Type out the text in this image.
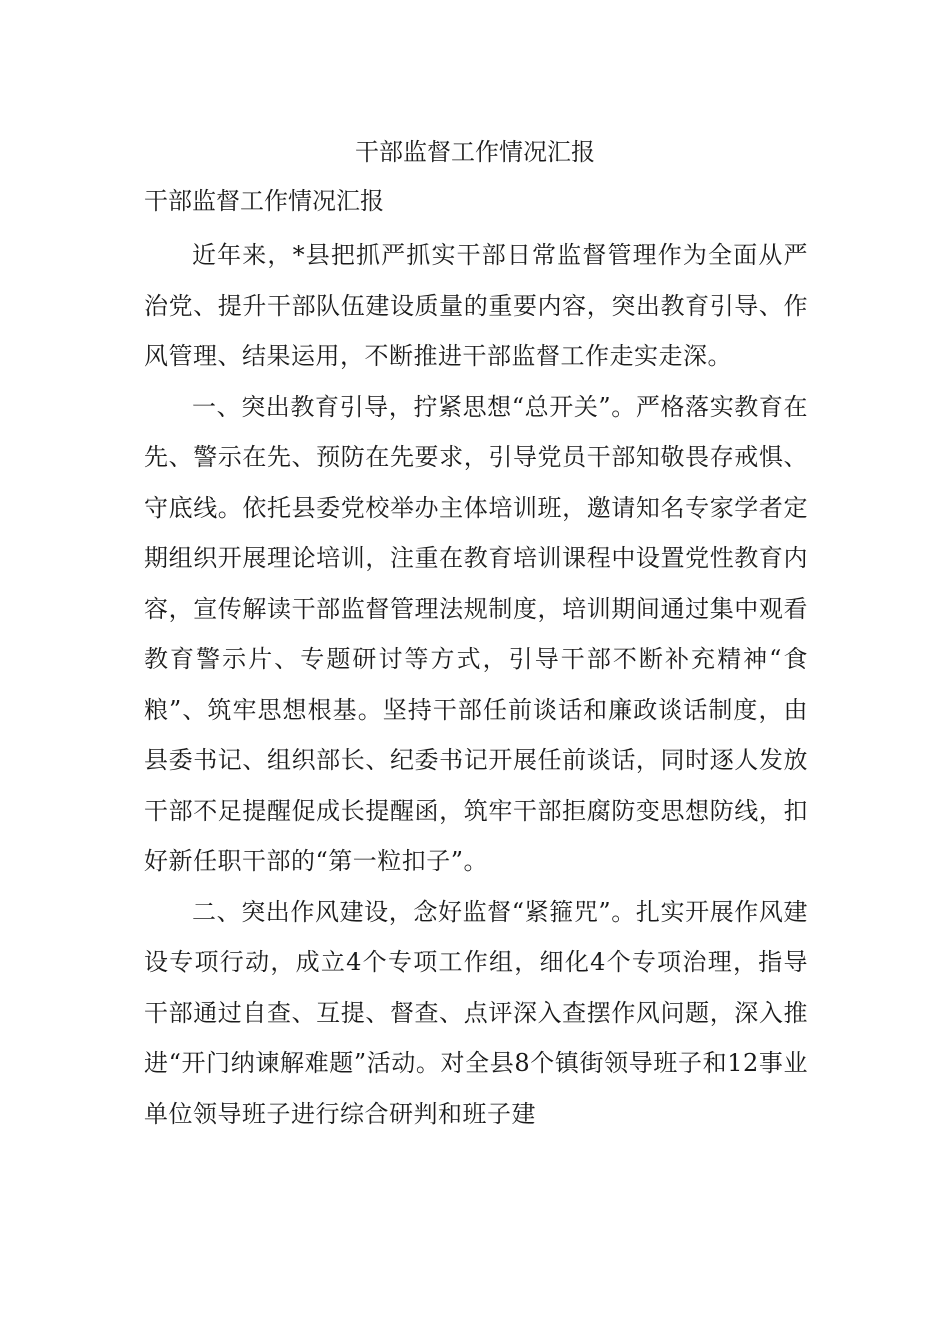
干部监督工作情况汇报
干部监督工作情况汇报

近年来，*县把抓严抓实干部日常监督管理作为全面从严治党、提升干部队伍建设质量的重要内容，突出教育引导、作风管理、结果运用，不断推进干部监督工作走实走深。

一、突出教育引导，拧紧思想“总开关”。严格落实教育在先、警示在先、预防在先要求，引导党员干部知敬畏存戒惧、守底线。依托县委党校举办主体培训班，邀请知名专家学者定期组织开展理论培训，注重在教育培训课程中设置党性教育内容，宣传解读干部监督管理法规制度，培训期间通过集中观看教育警示片、专题研讨等方式，引导干部不断补充精神“食粮”、筑牢思想根基。坚持干部任前谈话和廉政谈话制度，由县委书记、组织部长、纪委书记开展任前谈话，同时逐人发放干部不足提醒促成长提醒函，筑牢干部拒腐防变思想防线，扣好新任职干部的“第一粒扣子”。

二、突出作风建设，念好监督“紧箍咒”。扎实开展作风建设专项行动，成立4个专项工作组，细化4个专项治理，指导干部通过自查、互提、督查、点评深入查摆作风问题，深入推进“开门纳谏解难题”活动。对全县8个镇街领导班子和12事业单位领导班子进行综合研判和班子建
